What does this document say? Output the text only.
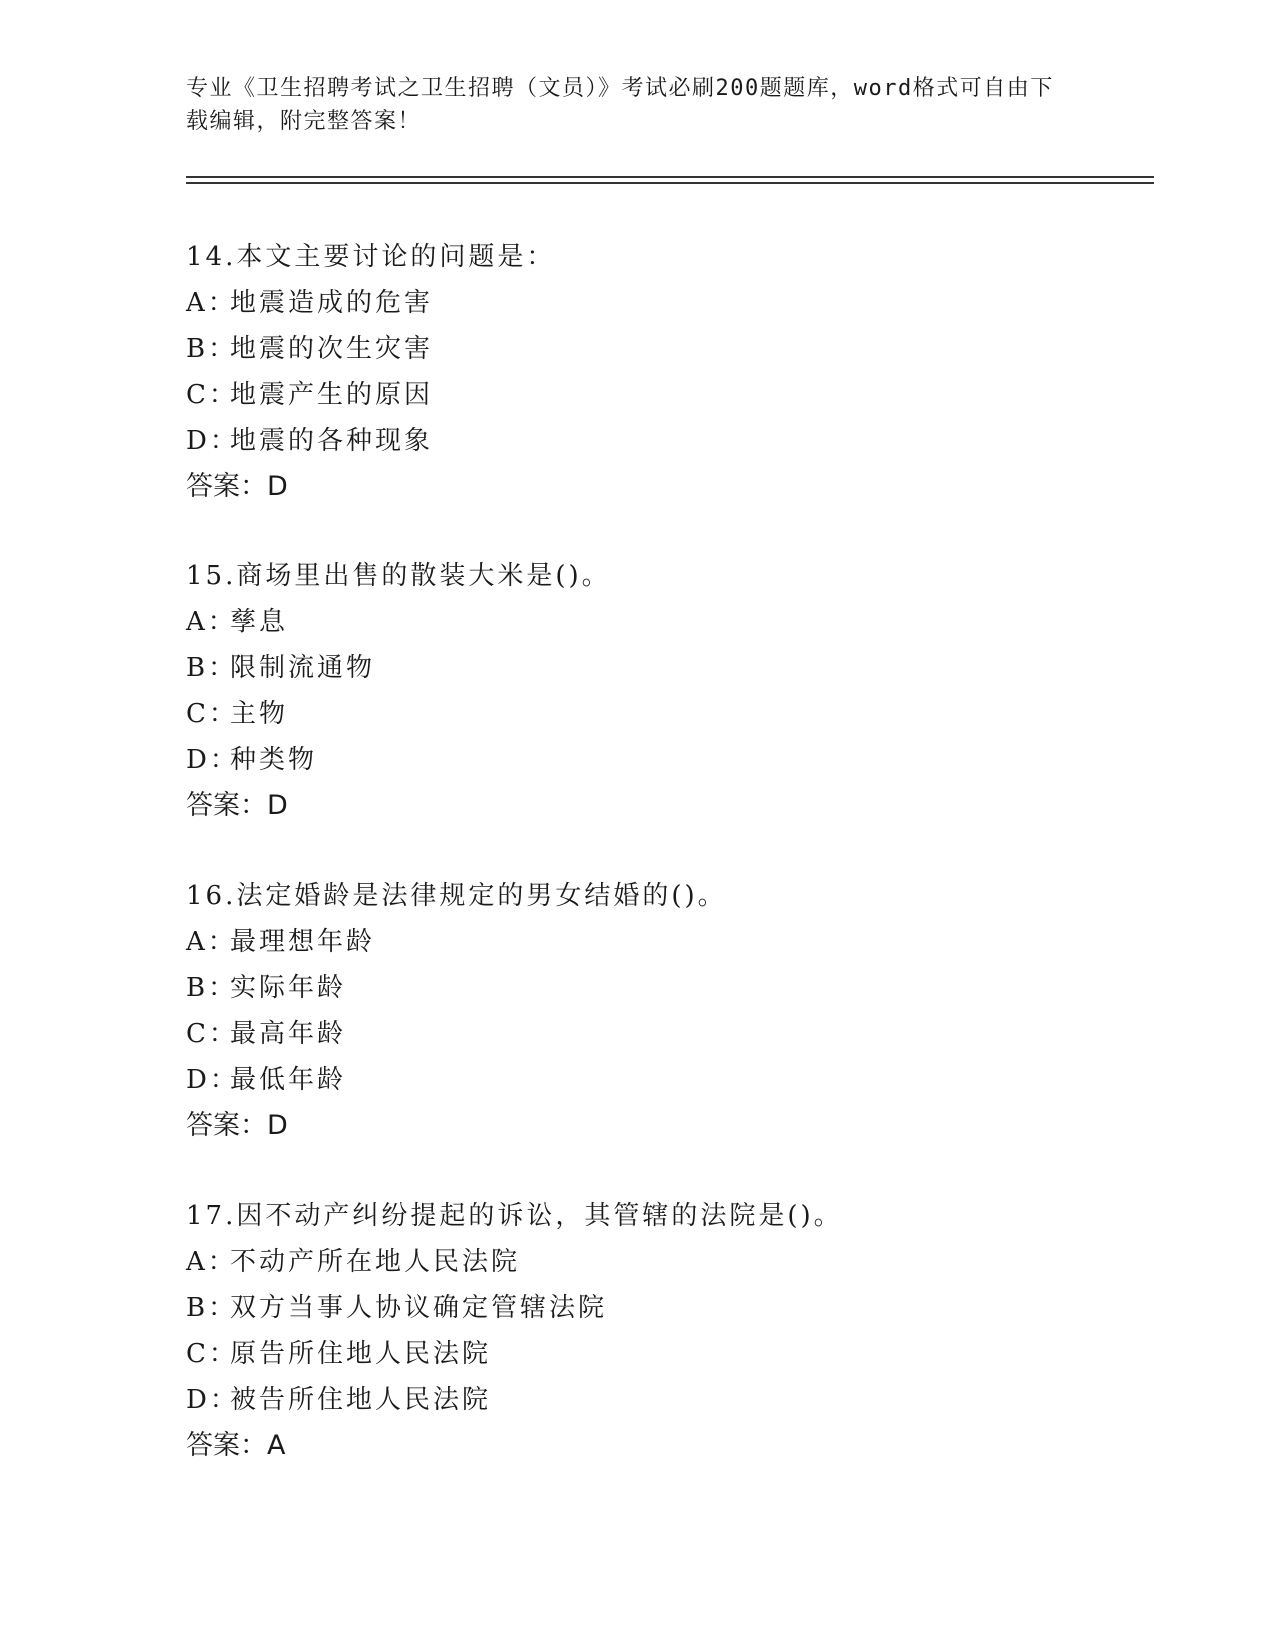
专业《卫生招聘考试之卫生招聘（文员）》考试必刷200题题库，word格式可自由下载编辑，附完整答案！
14.本文主要讨论的问题是：
A：地震造成的危害
B：地震的次生灾害
C：地震产生的原因
D：地震的各种现象
答案：D
15.商场里出售的散装大米是()。
A：孳息
B：限制流通物
C：主物
D：种类物
答案：D
16.法定婚龄是法律规定的男女结婚的()。
A：最理想年龄
B：实际年龄
C：最高年龄
D：最低年龄
答案：D
17.因不动产纠纷提起的诉讼，其管辖的法院是()。
A：不动产所在地人民法院
B：双方当事人协议确定管辖法院
C：原告所住地人民法院
D：被告所住地人民法院
答案：A
